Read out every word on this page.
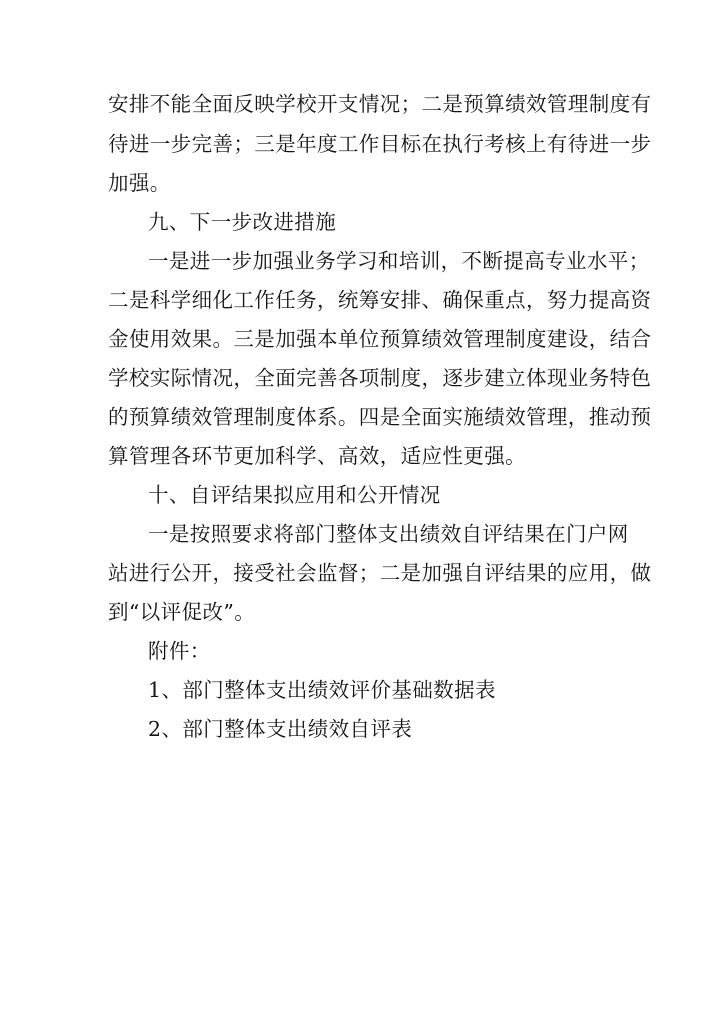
安排不能全面反映学校开支情况；二是预算绩效管理制度有
待进一步完善；三是年度工作目标在执行考核上有待进一步
加强。
九、下一步改进措施
一是进一步加强业务学习和培训，不断提高专业水平；
二是科学细化工作任务，统筹安排、确保重点，努力提高资
金使用效果。三是加强本单位预算绩效管理制度建设，结合
学校实际情况，全面完善各项制度，逐步建立体现业务特色
的预算绩效管理制度体系。四是全面实施绩效管理，推动预
算管理各环节更加科学、高效，适应性更强。
十、自评结果拟应用和公开情况
一是按照要求将部门整体支出绩效自评结果在门户网
站进行公开，接受社会监督；二是加强自评结果的应用，做
到“以评促改”。
附件：
1、部门整体支出绩效评价基础数据表
2、部门整体支出绩效自评表
